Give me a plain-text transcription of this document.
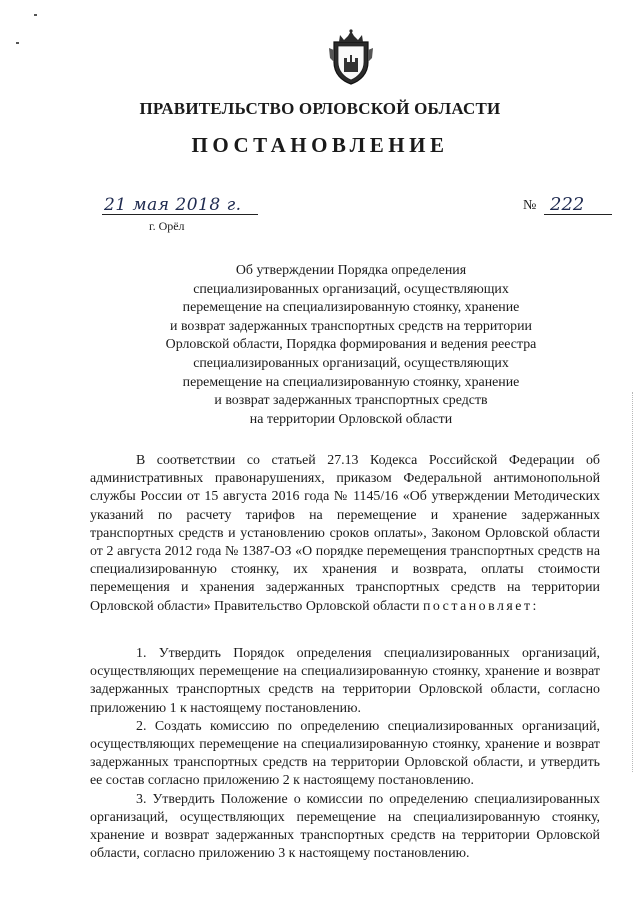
ПРАВИТЕЛЬСТВО ОРЛОВСКОЙ ОБЛАСТИ
ПОСТАНОВЛЕНИЕ
21 мая 2018 г.
г. Орёл
№ 222
Об утверждении Порядка определения
специализированных организаций, осуществляющих
перемещение на специализированную стоянку, хранение
и возврат задержанных транспортных средств на территории
Орловской области, Порядка формирования и ведения реестра
специализированных организаций, осуществляющих
перемещение на специализированную стоянку, хранение
и возврат задержанных транспортных средств
на территории Орловской области

В соответствии со статьей 27.13 Кодекса Российской Федерации об административных правонарушениях, приказом Федеральной антимонопольной службы России от 15 августа 2016 года № 1145/16 «Об утверждении Методических указаний по расчету тарифов на перемещение и хранение задержанных транспортных средств и установлению сроков оплаты», Законом Орловской области от 2 августа 2012 года № 1387-ОЗ «О порядке перемещения транспортных средств на специализированную стоянку, их хранения и возврата, оплаты стоимости перемещения и хранения задержанных транспортных средств на территории Орловской области» Правительство Орловской области постановляет:

1. Утвердить Порядок определения специализированных организаций, осуществляющих перемещение на специализированную стоянку, хранение и возврат задержанных транспортных средств на территории Орловской области, согласно приложению 1 к настоящему постановлению.

2. Создать комиссию по определению специализированных организаций, осуществляющих перемещение на специализированную стоянку, хранение и возврат задержанных транспортных средств на территории Орловской области, и утвердить ее состав согласно приложению 2 к настоящему постановлению.

3. Утвердить Положение о комиссии по определению специализированных организаций, осуществляющих перемещение на специализированную стоянку, хранение и возврат задержанных транспортных средств на территории Орловской области, согласно приложению 3 к настоящему постановлению.
